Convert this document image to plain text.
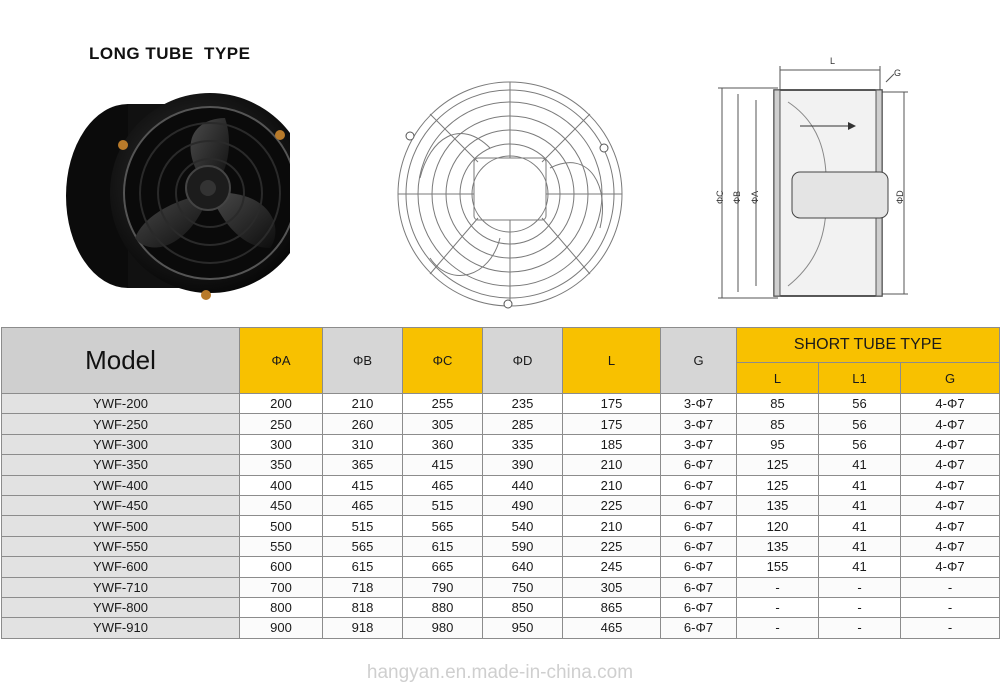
LONG TUBE  TYPE	L
G
ΦC ΦB ΦA	ΦD
Model	ΦA	ΦB	ΦC	ΦD	L	G	SHORT TUBE TYPE		
							L	L1	G
YWF-200	200	210	255	235	175	3-Φ7	85	56	4-Φ7
YWF-250	250	260	305	285	175	3-Φ7	85	56	4-Φ7
YWF-300	300	310	360	335	185	3-Φ7	95	56	4-Φ7
YWF-350	350	365	415	390	210	6-Φ7	125	41	4-Φ7
YWF-400	400	415	465	440	210	6-Φ7	125	41	4-Φ7
YWF-450	450	465	515	490	225	6-Φ7	135	41	4-Φ7
YWF-500	500	515	565	540	210	6-Φ7	120	41	4-Φ7
YWF-550	550	565	615	590	225	6-Φ7	135	41	4-Φ7
YWF-600	600	615	665	640	245	6-Φ7	155	41	4-Φ7
YWF-710	700	718	790	750	305	6-Φ7	-	-	-
YWF-800	800	818	880	850	865	6-Φ7	-	-	-
YWF-910	900	918	980	950	465	6-Φ7	-	-	-
hangyan.en.made-in-china.com
